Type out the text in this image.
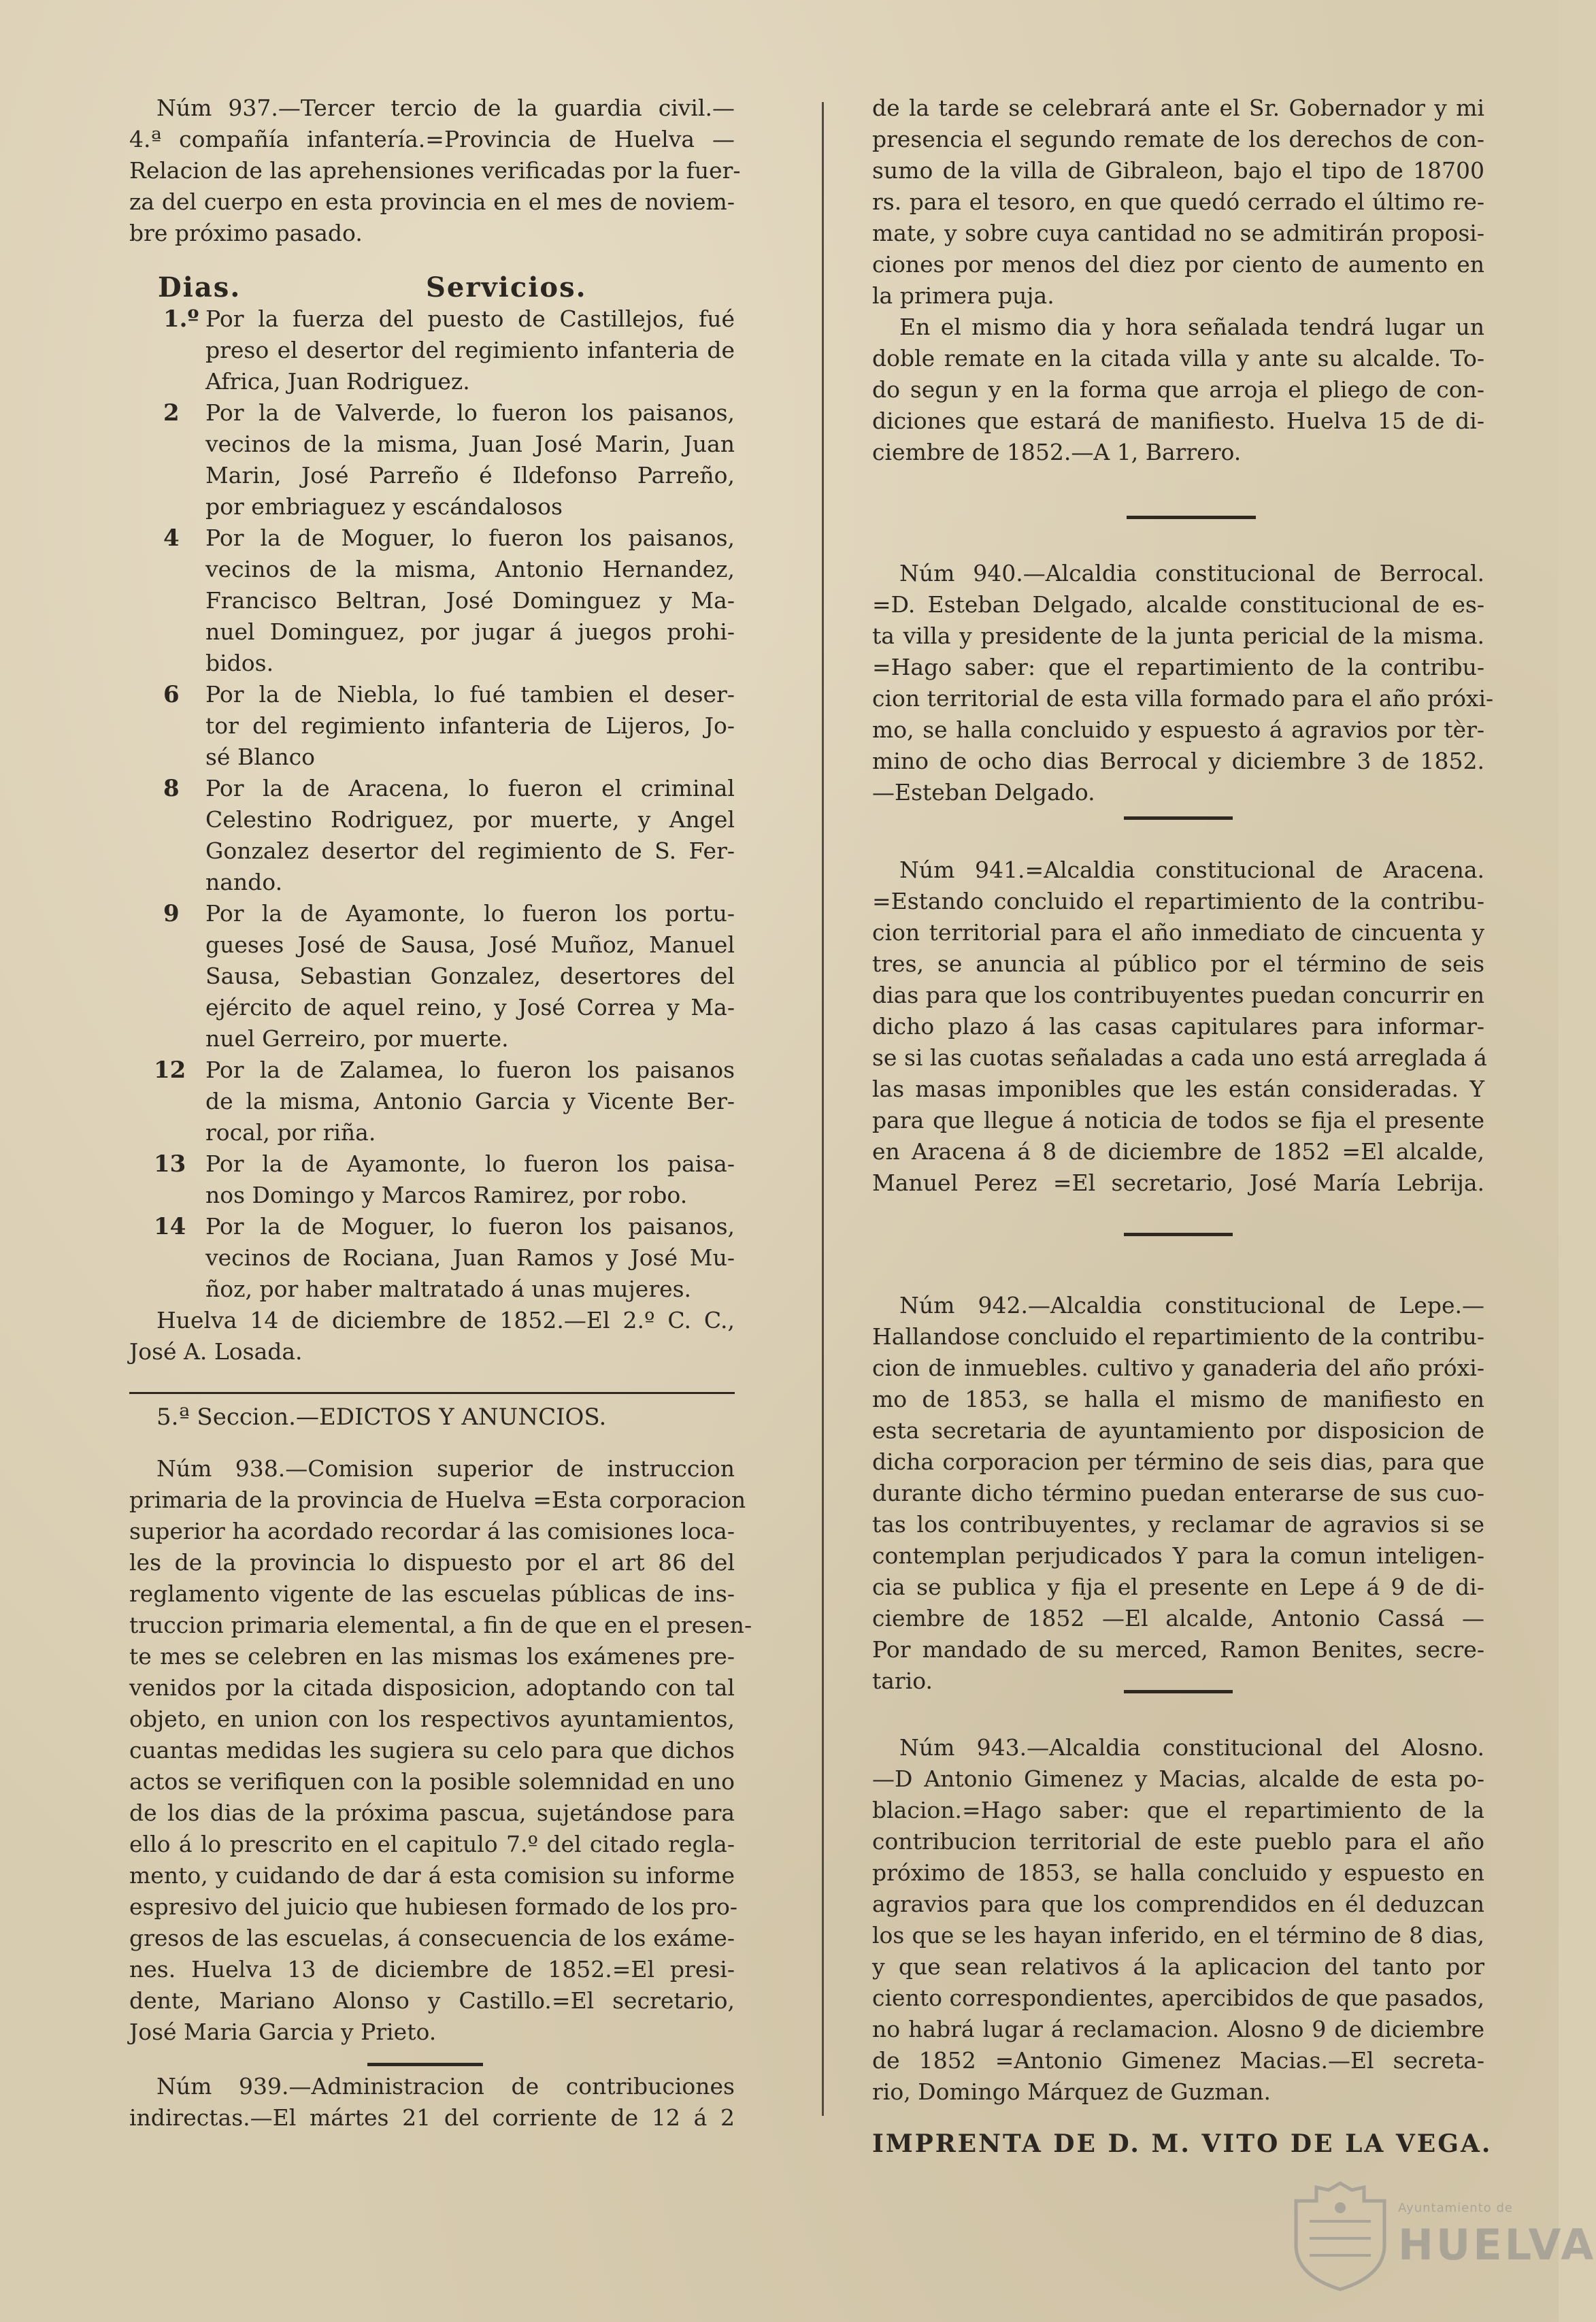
Núm 937.—Tercer tercio de la guardia civil.—
4.ª compañía infantería.=Provincia de Huelva —
Relacion de las aprehensiones verificadas por la fuer-
za del cuerpo en esta provincia en el mes de noviem-
bre próximo pasado.
Dias.	Servicios.
1.º Por la fuerza del puesto de Castillejos, fué
preso el desertor del regimiento infanteria de
Africa, Juan Rodriguez.
2	Por la de Valverde, lo fueron los paisanos,
vecinos de la misma, Juan José Marin, Juan
Marin, José Parreño é Ildefonso Parreño,
por embriaguez y escándalosos
4	Por la de Moguer, lo fueron los paisanos,
vecinos de la misma, Antonio Hernandez,
Francisco Beltran, José Dominguez y Ma-
nuel Dominguez, por jugar á juegos prohi-
bidos.
6	Por la de Niebla, lo fué tambien el deser-
tor del regimiento infanteria de Lijeros, Jo-
sé Blanco
8	Por la de Aracena, lo fueron el criminal
Celestino Rodriguez, por muerte, y Angel
Gonzalez desertor del regimiento de S. Fer-
nando.
9	Por la de Ayamonte, lo fueron los portu-
gueses José de Sausa, José Muñoz, Manuel
Sausa, Sebastian Gonzalez, desertores del
ejército de aquel reino, y José Correa y Ma-
nuel Gerreiro, por muerte.
12 Por la de Zalamea, lo fueron los paisanos
de la misma, Antonio Garcia y Vicente Ber-
rocal, por riña.
13 Por la de Ayamonte, lo fueron los paisa-
nos Domingo y Marcos Ramirez, por robo.
14 Por la de Moguer, lo fueron los paisanos,
vecinos de Rociana, Juan Ramos y José Mu-
ñoz, por haber maltratado á unas mujeres.
Huelva 14 de diciembre de 1852.—El 2.º C. C.,
José A. Losada.
5.ª Seccion.—EDICTOS Y ANUNCIOS.
Núm 938.—Comision superior de instruccion
primaria de la provincia de Huelva =Esta corporacion
superior ha acordado recordar á las comisiones loca-
les de la provincia lo dispuesto por el art 86 del
reglamento vigente de las escuelas públicas de ins-
truccion primaria elemental, a fin de que en el presen-
te mes se celebren en las mismas los exámenes pre-
venidos por la citada disposicion, adoptando con tal
objeto, en union con los respectivos ayuntamientos,
cuantas medidas les sugiera su celo para que dichos
actos se verifiquen con la posible solemnidad en uno
de los dias de la próxima pascua, sujetándose para
ello á lo prescrito en el capitulo 7.º del citado regla-
mento, y cuidando de dar á esta comision su informe
espresivo del juicio que hubiesen formado de los pro-
gresos de las escuelas, á consecuencia de los exáme-
nes. Huelva 13 de diciembre de 1852.=El presi-
dente, Mariano Alonso y Castillo.=El secretario,
José Maria Garcia y Prieto.
Núm 939.—Administracion de contribuciones
indirectas.—El mártes 21 del corriente de 12 á 2
de la tarde se celebrará ante el Sr. Gobernador y mi
presencia el segundo remate de los derechos de con-
sumo de la villa de Gibraleon, bajo el tipo de 18700
rs. para el tesoro, en que quedó cerrado el último re-
mate, y sobre cuya cantidad no se admitirán proposi-
ciones por menos del diez por ciento de aumento en
la primera puja.
En el mismo dia y hora señalada tendrá lugar un
doble remate en la citada villa y ante su alcalde. To-
do segun y en la forma que arroja el pliego de con-
diciones que estará de manifiesto. Huelva 15 de di-
ciembre de 1852.—A 1, Barrero.
Núm 940.—Alcaldia constitucional de Berrocal.
=D. Esteban Delgado, alcalde constitucional de es-
ta villa y presidente de la junta pericial de la misma.
=Hago saber: que el repartimiento de la contribu-
cion territorial de esta villa formado para el año próxi-
mo, se halla concluido y espuesto á agravios por tèr-
mino de ocho dias Berrocal y diciembre 3 de 1852.
—Esteban Delgado.
Núm 941.=Alcaldia constitucional de Aracena.
=Estando concluido el repartimiento de la contribu-
cion territorial para el año inmediato de cincuenta y
tres, se anuncia al público por el término de seis
dias para que los contribuyentes puedan concurrir en
dicho plazo á las casas capitulares para informar-
se si las cuotas señaladas a cada uno está arreglada á
las masas imponibles que les están consideradas. Y
para que llegue á noticia de todos se fija el presente
en Aracena á 8 de diciembre de 1852 =El alcalde,
Manuel Perez =El secretario, José María Lebrija.
Núm 942.—Alcaldia constitucional de Lepe.—
Hallandose concluido el repartimiento de la contribu-
cion de inmuebles. cultivo y ganaderia del año próxi-
mo de 1853, se halla el mismo de manifiesto en
esta secretaria de ayuntamiento por disposicion de
dicha corporacion per término de seis dias, para que
durante dicho término puedan enterarse de sus cuo-
tas los contribuyentes, y reclamar de agravios si se
contemplan perjudicados Y para la comun inteligen-
cia se publica y fija el presente en Lepe á 9 de di-
ciembre de 1852 —El alcalde, Antonio Cassá —
Por mandado de su merced, Ramon Benites, secre-
tario.
Núm 943.—Alcaldia constitucional del Alosno.
—D Antonio Gimenez y Macias, alcalde de esta po-
blacion.=Hago saber: que el repartimiento de la
contribucion territorial de este pueblo para el año
próximo de 1853, se halla concluido y espuesto en
agravios para que los comprendidos en él deduzcan
los que se les hayan inferido, en el término de 8 dias,
y que sean relativos á la aplicacion del tanto por
ciento correspondientes, apercibidos de que pasados,
no habrá lugar á reclamacion. Alosno 9 de diciembre
de 1852 =Antonio Gimenez Macias.—El secreta-
rio, Domingo Márquez de Guzman.
IMPRENTA DE D. M. VITO DE LA VEGA.
Ayuntamiento de
HUELVA
